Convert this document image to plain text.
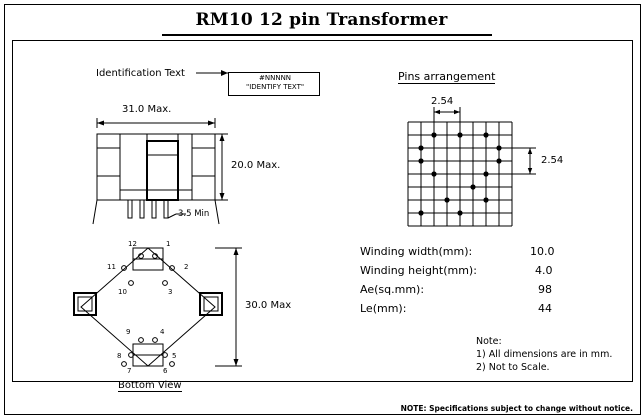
RM10 12 pin Transformer
Identification Text	#NNNNN
"IDENTIFY TEXT"
31.0 Max.
20.0 Max.
3.5 Min
30.0 Max
Bottom View
12	1
11	2
10	3
9	4
8	5
7	6
Pins arrangement
2.54
2.54
Winding width(mm):	10.0
Winding height(mm):	4.0
Ae(sq.mm):	98
Le(mm):	44
Note:
1) All dimensions are in mm.
2) Not to Scale.
NOTE: Specifications subject to change without notice.
